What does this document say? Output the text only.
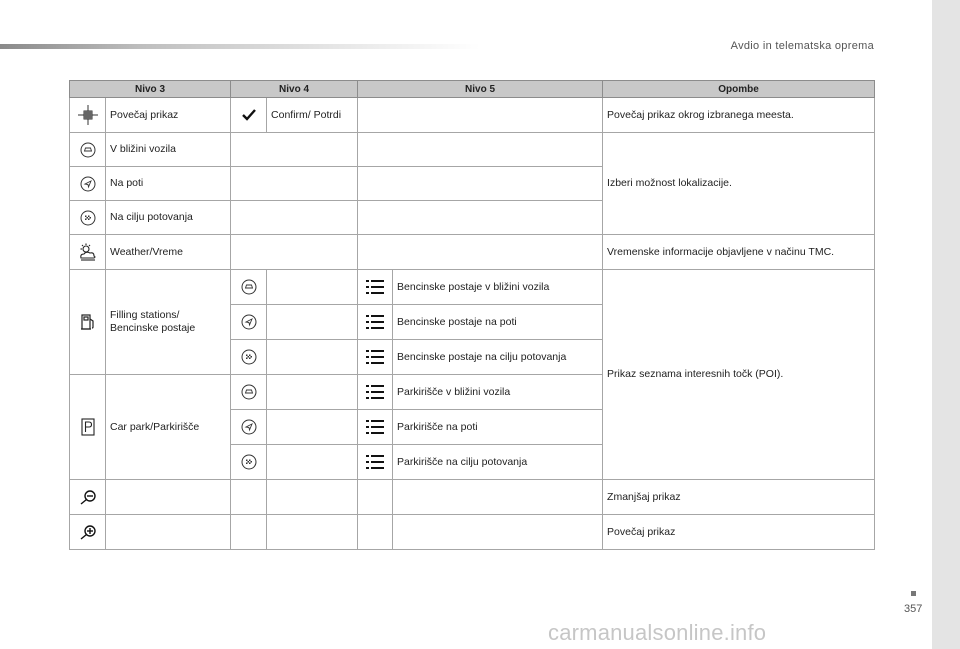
Avdio in telematska oprema
Nivo 3		Nivo 4		Nivo 5		Opombe

	Povečaj prikaz		Confirm/ Potrdi			Povečaj prikaz okrog izbranega meesta.

	V bližini vozila					Izberi možnost lokalizacije.

	Na poti					

	Na cilju potovanja					

	Weather/Vreme					Vremenske informacije objavljene v načinu TMC.

	Filling stations/ Bencinske postaje				Bencinske postaje v bližini vozila	Prikaz seznama interesnih točk (POI).

	Bencinske postaje na poti	

	Bencinske postaje na cilju potovanja	

	Car park/Parkirišče				Parkirišče v bližini vozila	

	Parkirišče na poti	

	Parkirišče na cilju potovanja	

						Zmanjšaj prikaz

						Povečaj prikaz
357
carmanualsonline.info
